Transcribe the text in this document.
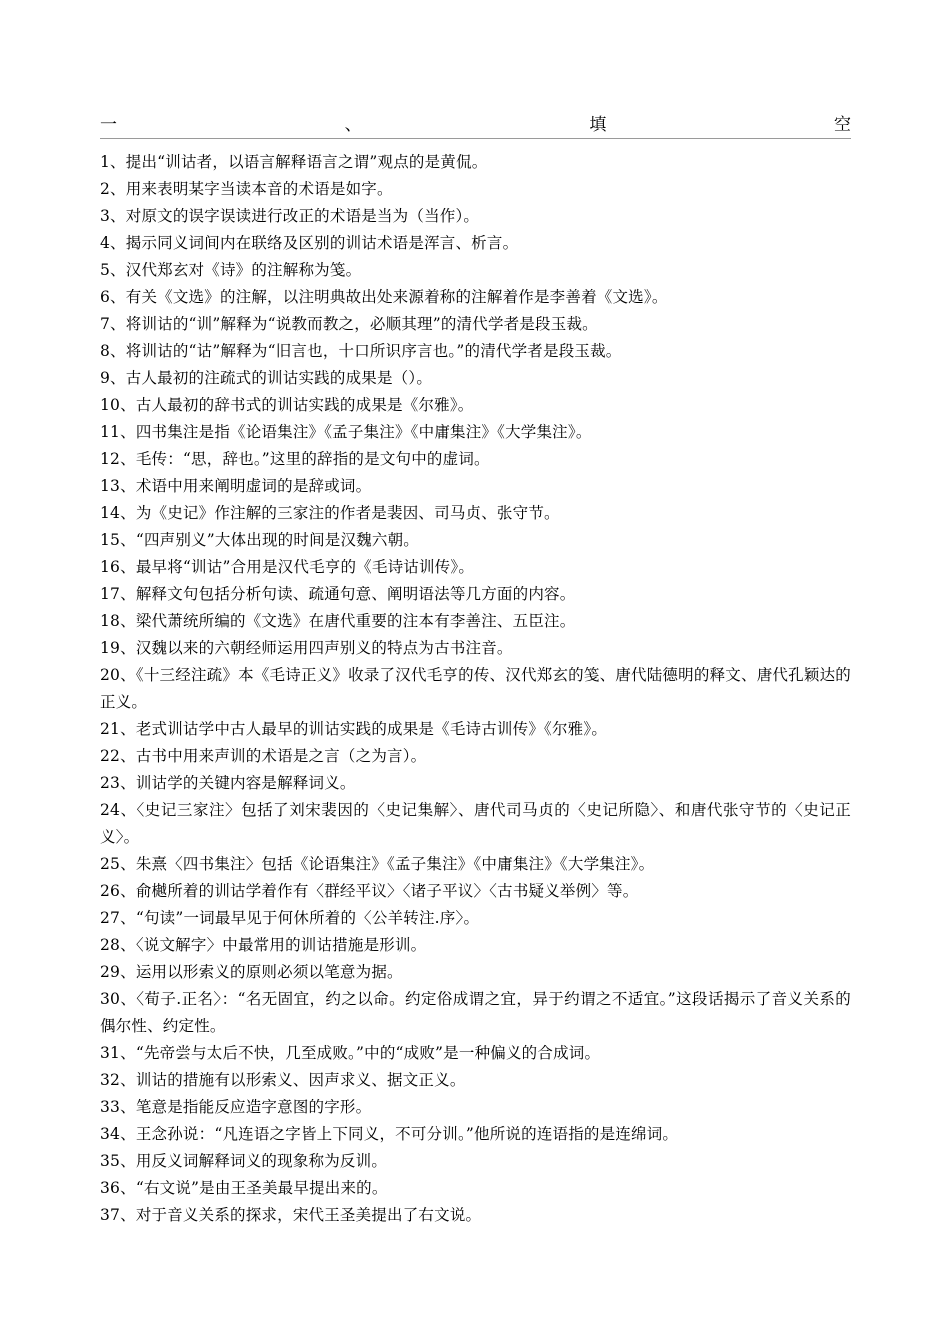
一	、	填	空

1、提出“训诂者，以语言解释语言之谓”观点的是黄侃。

2、用来表明某字当读本音的术语是如字。

3、对原文的误字误读进行改正的术语是当为（当作）。

4、揭示同义词间内在联络及区别的训诂术语是浑言、析言。

5、汉代郑玄对《诗》的注解称为笺。

6、有关《文选》的注解，以注明典故出处来源着称的注解着作是李善着《文选》。

7、将训诂的“训”解释为“说教而教之，必顺其理”的清代学者是段玉裁。

8、将训诂的“诂”解释为“旧言也，十口所识序言也。”的清代学者是段玉裁。

9、古人最初的注疏式的训诂实践的成果是（）。

10、古人最初的辞书式的训诂实践的成果是《尔雅》。

11、四书集注是指《论语集注》《孟子集注》《中庸集注》《大学集注》。

12、毛传：“思，辞也。”这里的辞指的是文句中的虚词。

13、术语中用来阐明虚词的是辞或词。

14、为《史记》作注解的三家注的作者是裴因、司马贞、张守节。

15、“四声别义”大体出现的时间是汉魏六朝。

16、最早将“训诂”合用是汉代毛亨的《毛诗诂训传》。

17、解释文句包括分析句读、疏通句意、阐明语法等几方面的内容。

18、梁代萧统所编的《文选》在唐代重要的注本有李善注、五臣注。

19、汉魏以来的六朝经师运用四声别义的特点为古书注音。

20、《十三经注疏》本《毛诗正义》收录了汉代毛亨的传、汉代郑玄的笺、唐代陆德明的释文、唐代孔颖达的正义。

21、老式训诂学中古人最早的训诂实践的成果是《毛诗古训传》《尔雅》。

22、古书中用来声训的术语是之言（之为言）。

23、训诂学的关键内容是解释词义。

24、〈史记三家注〉包括了刘宋裴因的〈史记集解〉、唐代司马贞的〈史记所隐〉、和唐代张守节的〈史记正义〉。

25、朱熹〈四书集注〉包括《论语集注》《孟子集注》《中庸集注》《大学集注》。

26、俞樾所着的训诂学着作有〈群经平议〉〈诸子平议〉〈古书疑义举例〉等。

27、“句读”一词最早见于何休所着的〈公羊转注.序〉。

28、〈说文解字〉中最常用的训诂措施是形训。

29、运用以形索义的原则必须以笔意为据。

30、〈荀子.正名〉：“名无固宜，约之以命。约定俗成谓之宜，异于约谓之不适宜。”这段话揭示了音义关系的偶尔性、约定性。

31、“先帝尝与太后不快，几至成败。”中的“成败”是一种偏义的合成词。

32、训诂的措施有以形索义、因声求义、据文正义。

33、笔意是指能反应造字意图的字形。

34、王念孙说：“凡连语之字皆上下同义，不可分训。”他所说的连语指的是连绵词。

35、用反义词解释词义的现象称为反训。

36、“右文说”是由王圣美最早提出来的。

37、对于音义关系的探求，宋代王圣美提出了右文说。
